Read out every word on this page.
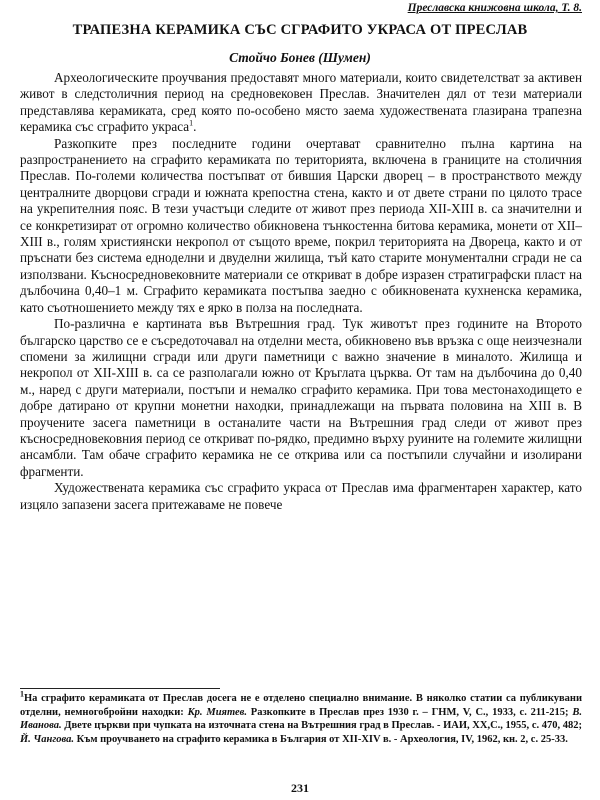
Преславска книжовна школа, Т. 8.
ТРАПЕЗНА КЕРАМИКА СЪС СГРАФИТО УКРАСА ОТ ПРЕСЛАВ
Стойчо Бонев (Шумен)

Археологическите проучвания предоставят много материали, които свидетелстват за активен живот в следстоличния период на средновековен Преслав. Значителен дял от тези материали представлява керамиката, сред която по-особено място заема художествената глазирана трапезна керамика със сграфито украса$^1$.

Разкопките през последните години очертават сравнително пълна картина на разпространението на сграфито керамиката по територията, включена в границите на столичния Преслав. По-големи количества постъпват от бившия Царски дворец – в пространството между централните дворцови сгради и южната крепостна стена, както и от двете страни по цялото трасе на укрепителния пояс. В тези участъци следите от живот през периода XII-XIII в. са значителни и се конкретизират от огромно количество обикновена тънкостенна битова керамика, монети от XII–XIII в., голям християнски некропол от същото време, покрил територията на Двореца, както и от пръснати без система едноделни и двуделни жилища, тъй като старите монументални сгради не са използвани. Къснoсредновековните материали се откриват в добре изразен стратиграфски пласт на дълбочина 0,40–1 м. Сграфито керамиката постъпва заедно с обикновената кухненска керамика, като съотношението между тях е ярко в полза на последната.

По-различна е картината във Вътрешния град. Тук животът през годините на Второто българско царство се е съсредоточавал на отделни места, обикновено във връзка с още неизчезнали спомени за жилищни сгради или други паметници с важно значение в миналото. Жилища и некропол от XII-XIII в. са се разполагали южно от Кръглата църква. От там на дълбочина до 0,40 м., наред с други материали, постъпи и немалко сграфито керамика. При това местонаходището е добре датирано от крупни монетни находки, принадлежащи на първата половина на XIII в. В проучените засега паметници в останалите части на Вътрешния град следи от живот през късносредновековния период се откриват по-рядко, предимно върху руините на големите жилищни ансамбли. Там обаче сграфито керамика не се открива или са постъпили случайни и изолирани фрагменти.

Художествената керамика със сграфито украса от Преслав има фрагментарен характер, като изцяло запазени засега притежаваме не повече

$^1$На сграфито керамиката от Преслав досега не е отделено специално внимание. В няколко статии са публикувани отделни, немногобройни находки: Кр. Миятев. Разкопките в Преслав през 1930 г. – ГНМ, V, С., 1933, с. 211-215; В. Иванова. Двете църкви при чупката на източната стена на Вътрешния град в Преслав. - ИАИ, XX,С., 1955, с. 470, 482; Й. Чангова. Към проучването на сграфито керамика в България от XII-XIV в. - Археология, IV, 1962, кн. 2, с. 25-33.
231
